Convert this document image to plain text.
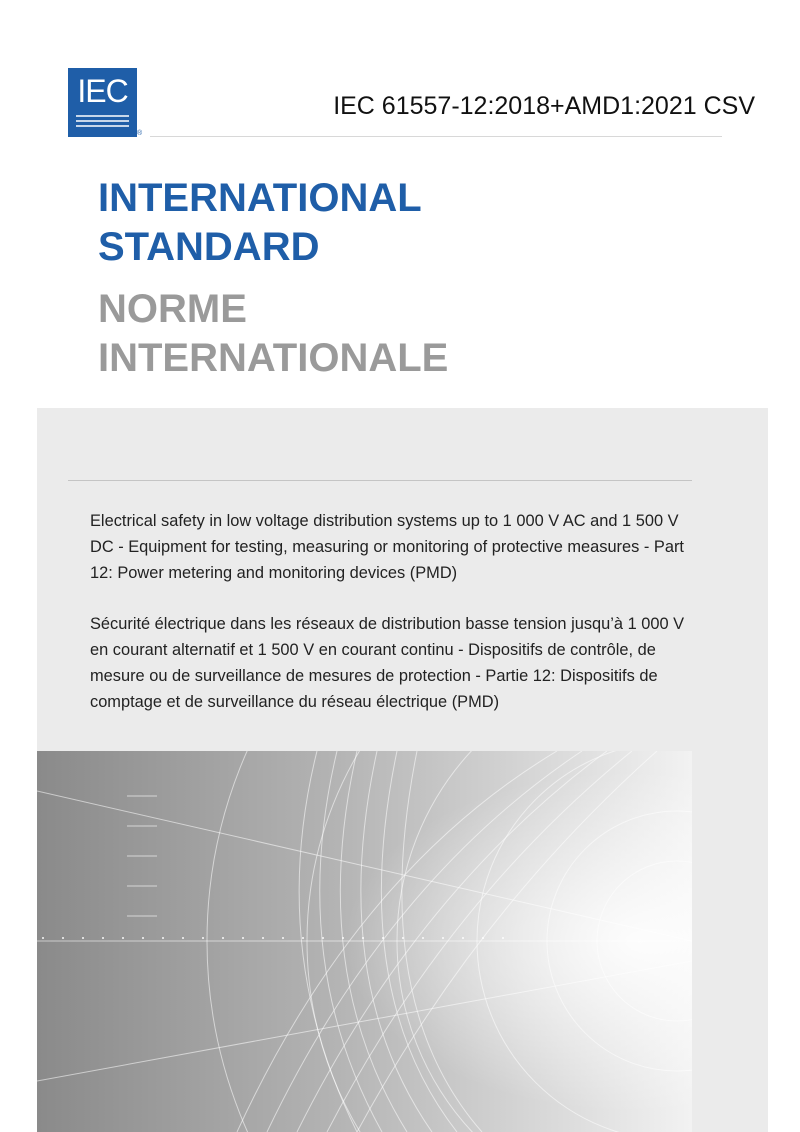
IEC
®
IEC 61557-12:2018+AMD1:2021 CSV
INTERNATIONAL
STANDARD
NORME
INTERNATIONALE

Electrical safety in low voltage distribution systems up to 1 000 V AC and 1 500 V DC - Equipment for testing, measuring or monitoring of protective measures - Part 12: Power metering and monitoring devices (PMD)

Sécurité électrique dans les réseaux de distribution basse tension jusqu’à 1 000 V en courant alternatif et 1 500 V en courant continu - Dispositifs de contrôle, de mesure ou de surveillance de mesures de protection - Partie 12: Dispositifs de comptage et de surveillance du réseau électrique (PMD)
